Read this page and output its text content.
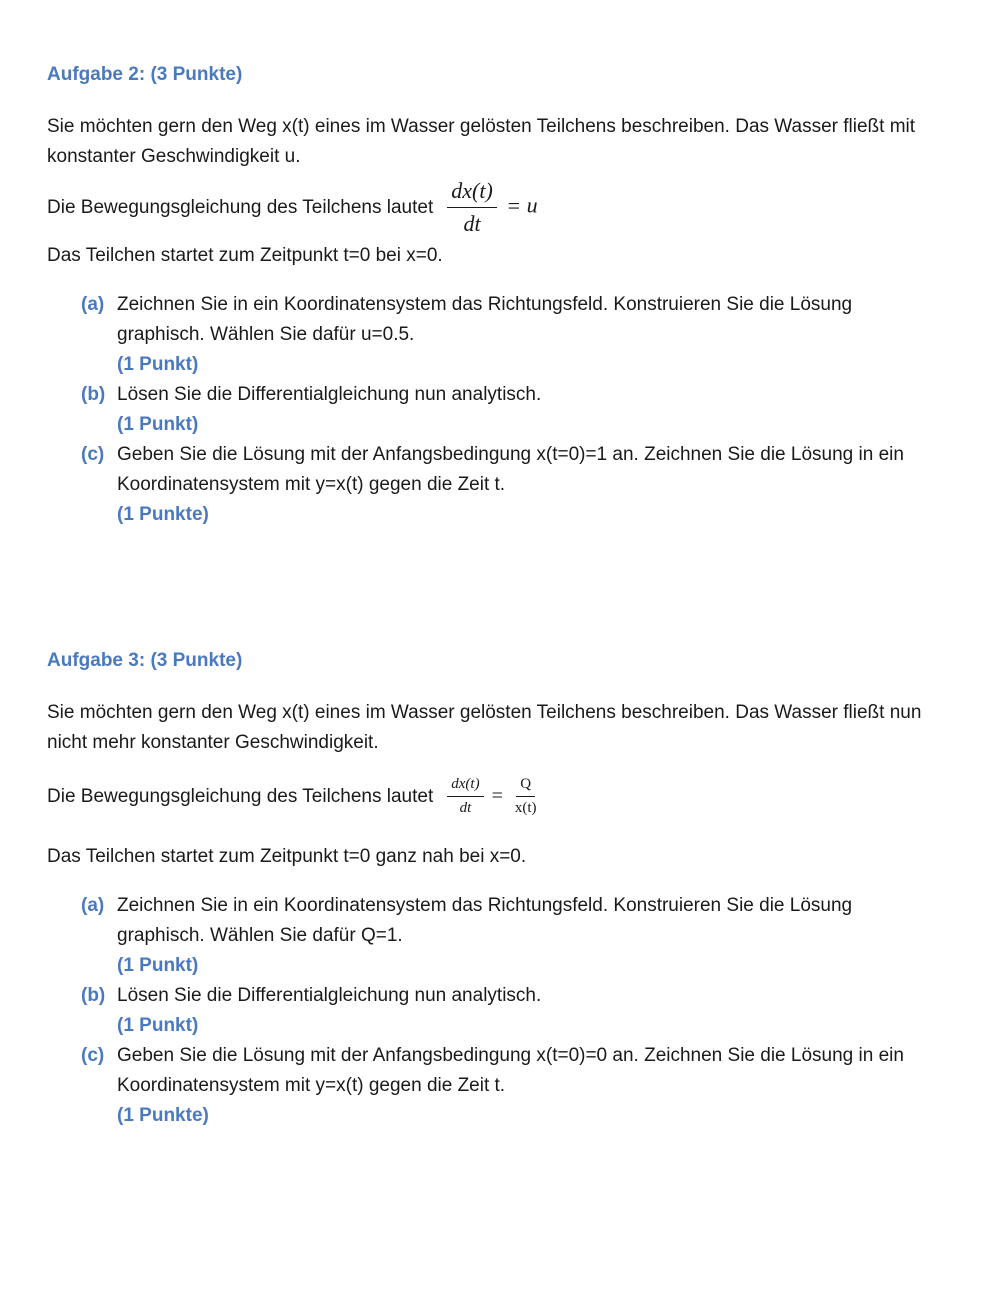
Aufgabe 2: (3 Punkte)

Sie möchten gern den Weg x(t) eines im Wasser gelösten Teilchens beschreiben. Das Wasser fließt mit konstanter Geschwindigkeit u.

Die Bewegungsgleichung des Teilchens lautet $\frac{dx(t)}{dt} = u$

Das Teilchen startet zum Zeitpunkt t=0 bei x=0.

(a) Zeichnen Sie in ein Koordinatensystem das Richtungsfeld. Konstruieren Sie die Lösung graphisch. Wählen Sie dafür u=0.5.
(1 Punkt)
(b) Lösen Sie die Differentialgleichung nun analytisch.
(1 Punkt)
(c) Geben Sie die Lösung mit der Anfangsbedingung x(t=0)=1 an. Zeichnen Sie die Lösung in ein Koordinatensystem mit y=x(t) gegen die Zeit t.
(1 Punkte)
Aufgabe 3: (3 Punkte)

Sie möchten gern den Weg x(t) eines im Wasser gelösten Teilchens beschreiben. Das Wasser fließt nun nicht mehr konstanter Geschwindigkeit.

Die Bewegungsgleichung des Teilchens lautet $\frac{dx(t)}{dt} = \frac{Q}{x(t)}$

Das Teilchen startet zum Zeitpunkt t=0 ganz nah bei x=0.

(a) Zeichnen Sie in ein Koordinatensystem das Richtungsfeld. Konstruieren Sie die Lösung graphisch. Wählen Sie dafür Q=1.
(1 Punkt)
(b) Lösen Sie die Differentialgleichung nun analytisch.
(1 Punkt)
(c) Geben Sie die Lösung mit der Anfangsbedingung x(t=0)=0 an. Zeichnen Sie die Lösung in ein Koordinatensystem mit y=x(t) gegen die Zeit t.
(1 Punkte)
